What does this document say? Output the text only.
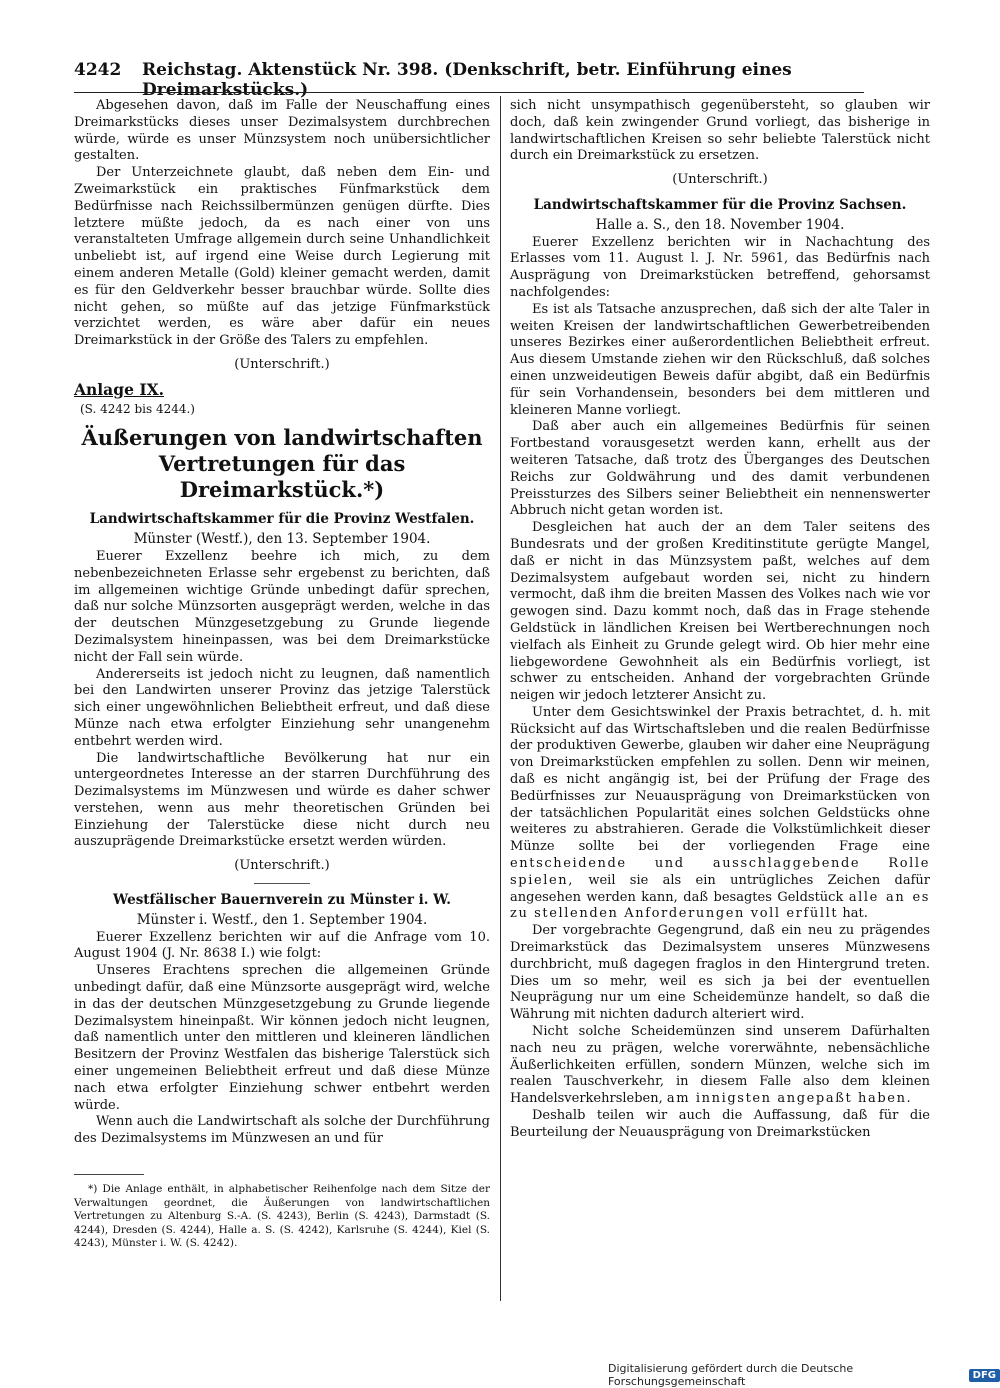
4242 Reichstag. Aktenstück Nr. 398. (Denkschrift, betr. Einführung eines Dreimarkstücks.)

Abgesehen davon, daß im Falle der Neuschaffung eines Dreimarkstücks dieses unser Dezimalsystem durchbrechen würde, würde es unser Münzsystem noch unübersichtlicher gestalten.

Der Unterzeichnete glaubt, daß neben dem Ein- und Zweimarkstück ein praktisches Fünfmarkstück dem Bedürfnisse nach Reichssilbermünzen genügen dürfte. Dies letztere müßte jedoch, da es nach einer von uns veranstalteten Umfrage allgemein durch seine Unhandlichkeit unbeliebt ist, auf irgend eine Weise durch Legierung mit einem anderen Metalle (Gold) kleiner gemacht werden, damit es für den Geldverkehr besser brauchbar würde. Sollte dies nicht gehen, so müßte auf das jetzige Fünfmarkstück verzichtet werden, es wäre aber dafür ein neues Dreimarkstück in der Größe des Talers zu empfehlen.

(Unterschrift.)
Anlage IX.
(S. 4242 bis 4244.)
Äußerungen von landwirtschaften Vertretungen für das Dreimarkstück.*)
Landwirtschaftskammer für die Provinz Westfalen.
Münster (Westf.), den 13. September 1904.

Euerer Exzellenz beehre ich mich, zu dem nebenbezeichneten Erlasse sehr ergebenst zu berichten, daß im allgemeinen wichtige Gründe unbedingt dafür sprechen, daß nur solche Münzsorten ausgeprägt werden, welche in das der deutschen Münzgesetzgebung zu Grunde liegende Dezimalsystem hineinpassen, was bei dem Dreimarkstücke nicht der Fall sein würde.

Andererseits ist jedoch nicht zu leugnen, daß namentlich bei den Landwirten unserer Provinz das jetzige Talerstück sich einer ungewöhnlichen Beliebtheit erfreut, und daß diese Münze nach etwa erfolgter Einziehung sehr unangenehm entbehrt werden wird.

Die landwirtschaftliche Bevölkerung hat nur ein untergeordnetes Interesse an der starren Durchführung des Dezimalsystems im Münzwesen und würde es daher schwer verstehen, wenn aus mehr theoretischen Gründen bei Einziehung der Talerstücke diese nicht durch neu auszuprägende Dreimarkstücke ersetzt werden würden.

(Unterschrift.)
Westfälischer Bauernverein zu Münster i. W.
Münster i. Westf., den 1. September 1904.

Euerer Exzellenz berichten wir auf die Anfrage vom 10. August 1904 (J. Nr. 8638 I.) wie folgt:

Unseres Erachtens sprechen die allgemeinen Gründe unbedingt dafür, daß eine Münzsorte ausgeprägt wird, welche in das der deutschen Münzgesetzgebung zu Grunde liegende Dezimalsystem hineinpaßt. Wir können jedoch nicht leugnen, daß namentlich unter den mittleren und kleineren ländlichen Besitzern der Provinz Westfalen das bisherige Talerstück sich einer ungemeinen Beliebtheit erfreut und daß diese Münze nach etwa erfolgter Einziehung schwer entbehrt werden würde.

Wenn auch die Landwirtschaft als solche der Durchführung des Dezimalsystems im Münzwesen an und für

*) Die Anlage enthält, in alphabetischer Reihenfolge nach dem Sitze der Verwaltungen geordnet, die Äußerungen von landwirtschaftlichen Vertretungen zu Altenburg S.-A. (S. 4243), Berlin (S. 4243), Darmstadt (S. 4244), Dresden (S. 4244), Halle a. S. (S. 4242), Karlsruhe (S. 4244), Kiel (S. 4243), Münster i. W. (S. 4242).

sich nicht unsympathisch gegenübersteht, so glauben wir doch, daß kein zwingender Grund vorliegt, das bisherige in landwirtschaftlichen Kreisen so sehr beliebte Talerstück nicht durch ein Dreimarkstück zu ersetzen.

(Unterschrift.)
Landwirtschaftskammer für die Provinz Sachsen.
Halle a. S., den 18. November 1904.

Euerer Exzellenz berichten wir in Nachachtung des Erlasses vom 11. August l. J. Nr. 5961, das Bedürfnis nach Ausprägung von Dreimarkstücken betreffend, gehorsamst nachfolgendes:

Es ist als Tatsache anzusprechen, daß sich der alte Taler in weiten Kreisen der landwirtschaftlichen Gewerbetreibenden unseres Bezirkes einer außerordentlichen Beliebtheit erfreut. Aus diesem Umstande ziehen wir den Rückschluß, daß solches einen unzweideutigen Beweis dafür abgibt, daß ein Bedürfnis für sein Vorhandensein, besonders bei dem mittleren und kleineren Manne vorliegt.

Daß aber auch ein allgemeines Bedürfnis für seinen Fortbestand vorausgesetzt werden kann, erhellt aus der weiteren Tatsache, daß trotz des Überganges des Deutschen Reichs zur Goldwährung und des damit verbundenen Preissturzes des Silbers seiner Beliebtheit ein nennenswerter Abbruch nicht getan worden ist.

Desgleichen hat auch der an dem Taler seitens des Bundesrats und der großen Kreditinstitute gerügte Mangel, daß er nicht in das Münzsystem paßt, welches auf dem Dezimalsystem aufgebaut worden sei, nicht zu hindern vermocht, daß ihm die breiten Massen des Volkes nach wie vor gewogen sind. Dazu kommt noch, daß das in Frage stehende Geldstück in ländlichen Kreisen bei Wertberechnungen noch vielfach als Einheit zu Grunde gelegt wird. Ob hier mehr eine liebgewordene Gewohnheit als ein Bedürfnis vorliegt, ist schwer zu entscheiden. Anhand der vorgebrachten Gründe neigen wir jedoch letzterer Ansicht zu.

Unter dem Gesichtswinkel der Praxis betrachtet, d. h. mit Rücksicht auf das Wirtschaftsleben und die realen Bedürfnisse der produktiven Gewerbe, glauben wir daher eine Neuprägung von Dreimarkstücken empfehlen zu sollen. Denn wir meinen, daß es nicht angängig ist, bei der Prüfung der Frage des Bedürfnisses zur Neuausprägung von Dreimarkstücken von der tatsächlichen Popularität eines solchen Geldstücks ohne weiteres zu abstrahieren. Gerade die Volkstümlichkeit dieser Münze sollte bei der vorliegenden Frage eine entscheidende und ausschlaggebende Rolle spielen, weil sie als ein untrügliches Zeichen dafür angesehen werden kann, daß besagtes Geldstück alle an es zu stellenden Anforderungen voll erfüllt hat.

Der vorgebrachte Gegengrund, daß ein neu zu prägendes Dreimarkstück das Dezimalsystem unseres Münzwesens durchbricht, muß dagegen fraglos in den Hintergrund treten. Dies um so mehr, weil es sich ja bei der eventuellen Neuprägung nur um eine Scheidemünze handelt, so daß die Währung mit nichten dadurch alteriert wird.

Nicht solche Scheidemünzen sind unserem Dafürhalten nach neu zu prägen, welche vorerwähnte, nebensächliche Äußerlichkeiten erfüllen, sondern Münzen, welche sich im realen Tauschverkehr, in diesem Falle also dem kleinen Handelsverkehrsleben, am innigsten angepaßt haben.

Deshalb teilen wir auch die Auffassung, daß für die Beurteilung der Neuausprägung von Dreimarkstücken

Digitalisierung gefördert durch die Deutsche Forschungsgemeinschaft	DFG
